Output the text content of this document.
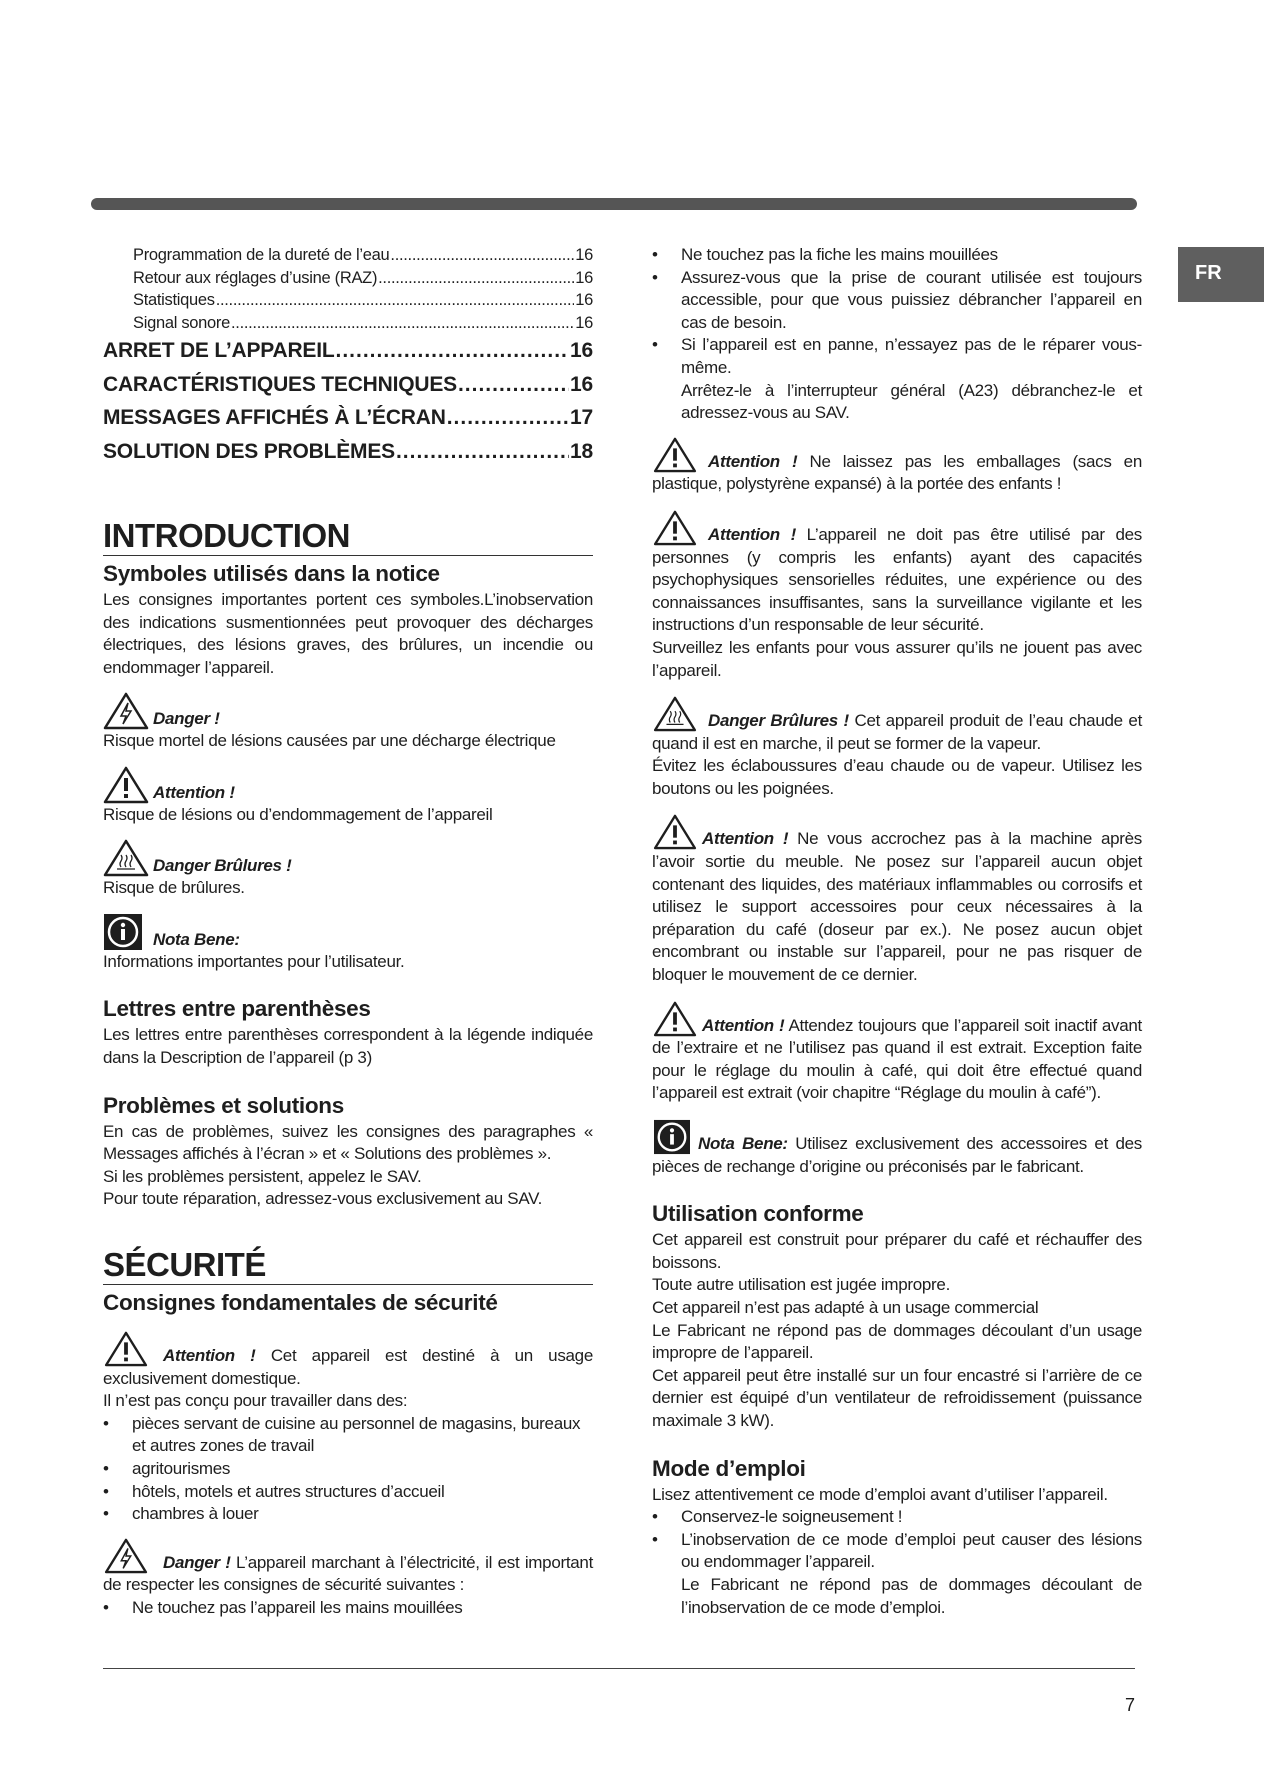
FR
Programmation de la dureté de l’eau .....	16
Retour aux réglages d’usine (RAZ) .....	16
Statistiques .....	16
Signal sonore .....	16
ARRET DE L’APPAREIL .....	16
CARACTÉRISTIQUES TECHNIQUES .....	16
MESSAGES AFFICHÉS À L’ÉCRAN .....	17
SOLUTION DES PROBLÈMES .....	18
INTRODUCTION
Symboles utilisés dans la notice

Les consignes importantes portent ces symboles.L’inobservation des indications susmentionnées peut provoquer des décharges électriques, des lésions graves, des brûlures, un incendie ou endommager l’appareil.

Danger !

Risque mortel de lésions causées par une décharge électrique

Attention !

Risque de lésions ou d’endommagement de l’appareil

Danger Brûlures !

Risque de brûlures.

Nota Bene:

Informations importantes pour l’utilisateur.

Lettres entre parenthèses

Les lettres entre parenthèses correspondent à la légende indiquée dans la Description de l’appareil (p 3)

Problèmes et solutions

En cas de problèmes, suivez les consignes des paragraphes « Messages affichés à l’écran » et « Solutions des problèmes ».

Si les problèmes persistent, appelez le SAV.

Pour toute réparation, adressez-vous exclusivement au SAV.

SÉCURITÉ
Consignes fondamentales de sécurité
Attention ! Cet appareil est destiné à un usage exclusivement domestique.

Il n’est pas conçu pour travailler dans des:

• pièces servant de cuisine au personnel de magasins, bureaux et autres zones de travail
• agritourismes
• hôtels, motels et autres structures d’accueil
• chambres à louer
Danger ! L’appareil marchant à l’électricité, il est important de respecter les consignes de sécurité suivantes :
• Ne touchez pas l’appareil les mains mouillées
• Ne touchez pas la fiche les mains mouillées
• Assurez-vous que la prise de courant utilisée est toujours accessible, pour que vous puissiez débrancher l’appareil en cas de besoin.
• Si l’appareil est en panne, n’essayez pas de le réparer vous-même.
Arrêtez-le à l’interrupteur général (A23) débranchez-le et adressez-vous au SAV.
Attention ! Ne laissez pas les emballages (sacs en plastique, polystyrène expansé) à la portée des enfants !
Attention ! L’appareil ne doit pas être utilisé par des personnes (y compris les enfants) ayant des capacités psychophysiques sensorielles réduites, une expérience ou des connaissances insuffisantes, sans la surveillance vigilante et les instructions d’un responsable de leur sécurité.

Surveillez les enfants pour vous assurer qu’ils ne jouent pas avec l’appareil.

Danger Brûlures ! Cet appareil produit de l’eau chaude et quand il est en marche, il peut se former de la vapeur.

Évitez les éclaboussures d’eau chaude ou de vapeur. Utilisez les boutons ou les poignées.

Attention ! Ne vous accrochez pas à la machine après l’avoir sortie du meuble. Ne posez sur l’appareil aucun objet contenant des liquides, des matériaux inflammables ou corrosifs et utilisez le support accessoires pour ceux nécessaires à la préparation du café (doseur par ex.). Ne posez aucun objet encombrant ou instable sur l’appareil, pour ne pas risquer de bloquer le mouvement de ce dernier.
Attention ! Attendez toujours que l’appareil soit inactif avant de l’extraire et ne l’utilisez pas quand il est extrait. Exception faite pour le réglage du moulin à café, qui doit être effectué quand l’appareil est extrait (voir chapitre “Réglage du moulin à café”).
Nota Bene: Utilisez exclusivement des accessoires et des pièces de rechange d’origine ou préconisés par le fabricant.
Utilisation conforme

Cet appareil est construit pour préparer du café et réchauffer des boissons.

Toute autre utilisation est jugée impropre.

Cet appareil n’est pas adapté à un usage commercial

Le Fabricant ne répond pas de dommages découlant d’un usage impropre de l’appareil.

Cet appareil peut être installé sur un four encastré si l’arrière de ce dernier est équipé d’un ventilateur de refroidissement (puissance maximale 3 kW).

Mode d’emploi

Lisez attentivement ce mode d’emploi avant d’utiliser l’appareil.

• Conservez-le soigneusement !
• L’inobservation de ce mode d’emploi peut causer des lésions ou endommager l’appareil.
Le Fabricant ne répond pas de dommages découlant de l’inobservation de ce mode d’emploi.
7
